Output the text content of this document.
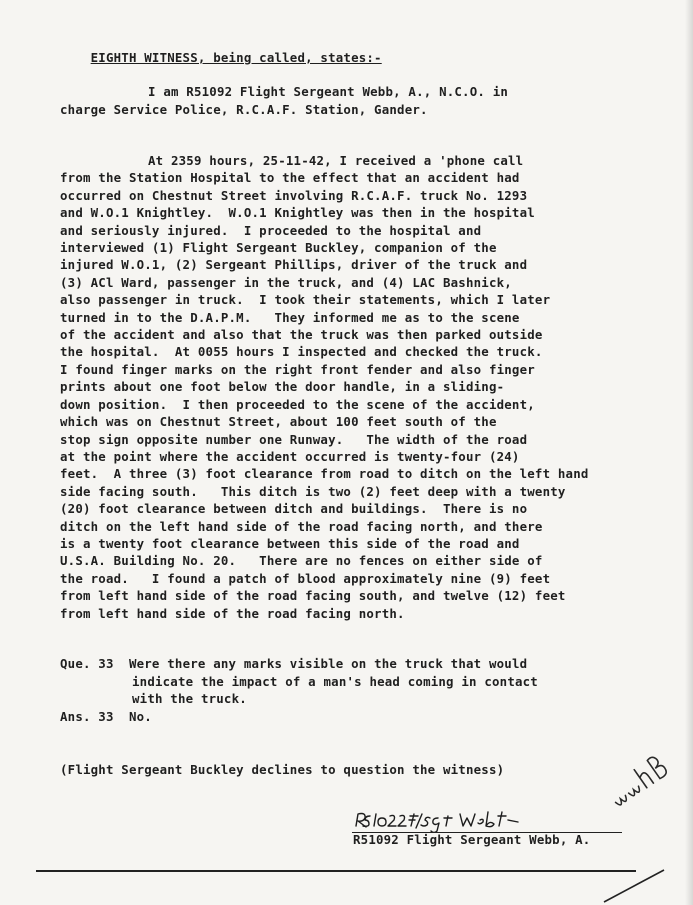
EIGHTH WITNESS, being called, states:-

I am R51092 Flight Sergeant Webb, A., N.C.O. in
charge Service Police, R.C.A.F. Station, Gander.
At 2359 hours, 25-11-42, I received a 'phone call
from the Station Hospital to the effect that an accident had
occurred on Chestnut Street involving R.C.A.F. truck No. 1293
and W.O.1 Knightley.  W.O.1 Knightley was then in the hospital
and seriously injured.  I proceeded to the hospital and
interviewed (1) Flight Sergeant Buckley, companion of the
injured W.O.1, (2) Sergeant Phillips, driver of the truck and
(3) ACl Ward, passenger in the truck, and (4) LAC Bashnick,
also passenger in truck.  I took their statements, which I later
turned in to the D.A.P.M.   They informed me as to the scene
of the accident and also that the truck was then parked outside
the hospital.  At 0055 hours I inspected and checked the truck.
I found finger marks on the right front fender and also finger
prints about one foot below the door handle, in a sliding-
down position.  I then proceeded to the scene of the accident,
which was on Chestnut Street, about 100 feet south of the
stop sign opposite number one Runway.   The width of the road
at the point where the accident occurred is twenty-four (24)
feet.  A three (3) foot clearance from road to ditch on the left hand
side facing south.   This ditch is two (2) feet deep with a twenty
(20) foot clearance between ditch and buildings.  There is no
ditch on the left hand side of the road facing north, and there
is a twenty foot clearance between this side of the road and
U.S.A. Building No. 20.   There are no fences on either side of
the road.   I found a patch of blood approximately nine (9) feet
from left hand side of the road facing south, and twelve (12) feet
from left hand side of the road facing north.
Que. 33 Were there any marks visible on the truck that would
indicate the impact of a man's head coming in contact
with the truck.
Ans. 33 No.
(Flight Sergeant Buckley declines to question the witness)
R51092 Flight Sergeant Webb, A.
